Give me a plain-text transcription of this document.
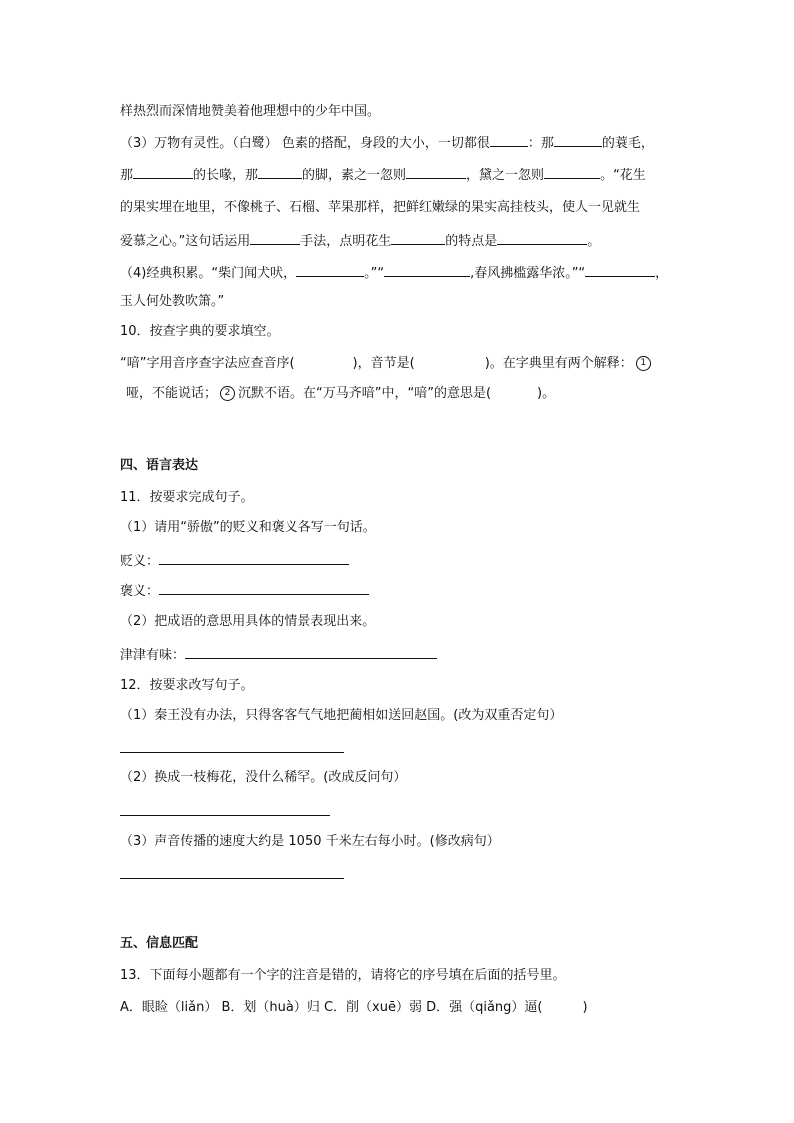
样热烈而深情地赞美着他理想中的少年中国。
（3）万物有灵性。（白鹭） 色素的搭配，身段的大小，一切都很	：那	的蓑毛，
那	的长喙，那	的脚，素之一忽则	，黛之一忽则	。“花生
的果实埋在地里，不像桃子、石榴、苹果那样，把鲜红嫩绿的果实高挂枝头，使人一见就生
爱慕之心。”这句话运用	手法，点明花生	的特点是	。
（4)经典积累。“柴门闻犬吠，	。”“	,春风拂槛露华浓。”“	，
玉人何处教吹箫。”
10．按查字典的要求填空。
“喑”字用音序查字法应查音序(	)，音节是(	)。在字典里有两个解释： 1
哑，不能说话； 2 沉默不语。在“万马齐喑”中，“喑”的意思是(	)。
四、语言表达
11．按要求完成句子。
（1）请用“骄傲”的贬义和褒义各写一句话。
贬义：
褒义：
（2）把成语的意思用具体的情景表现出来。
津津有味：
12．按要求改写句子。
（1）秦王没有办法，只得客客气气地把蔺相如送回赵国。(改为双重否定句）
（2）换成一枝梅花，没什么稀罕。(改成反问句）
（3）声音传播的速度大约是 1050 千米左右每小时。(修改病句）
五、信息匹配
13．下面每小题都有一个字的注音是错的，请将它的序号填在后面的括号里。
A．眼睑（liǎn） B．划（huà）归 C．削（xuē）弱 D．强（qiǎng）逼(	)
